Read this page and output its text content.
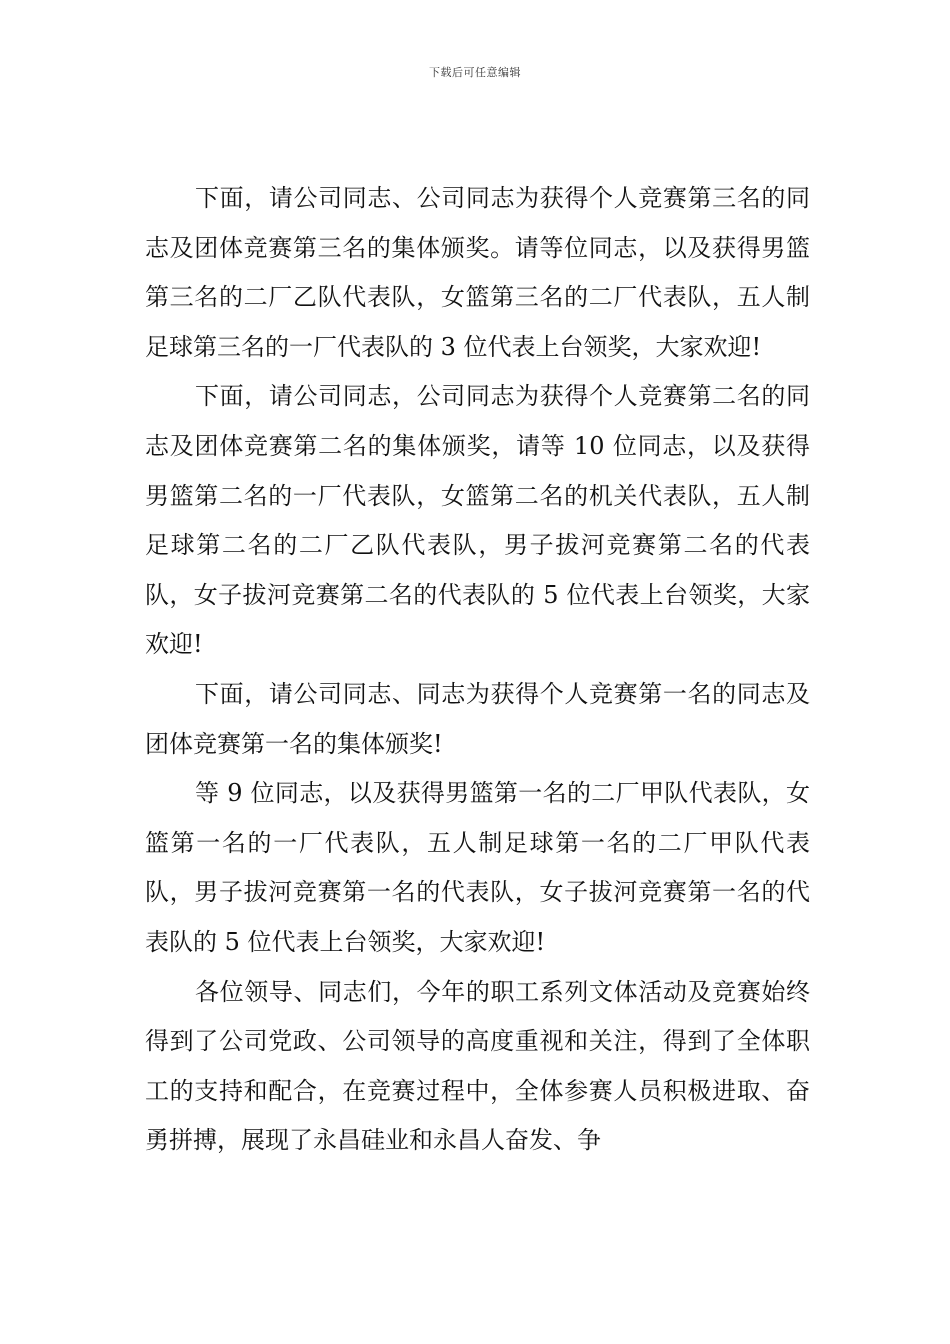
下载后可任意编辑

下面，请公司同志、公司同志为获得个人竞赛第三名的同志及团体竞赛第三名的集体颁奖。请等位同志，以及获得男篮第三名的二厂乙队代表队，女篮第三名的二厂代表队，五人制足球第三名的一厂代表队的 3 位代表上台领奖，大家欢迎!

下面，请公司同志，公司同志为获得个人竞赛第二名的同志及团体竞赛第二名的集体颁奖，请等 10 位同志，以及获得男篮第二名的一厂代表队，女篮第二名的机关代表队，五人制足球第二名的二厂乙队代表队，男子拔河竞赛第二名的代表队，女子拔河竞赛第二名的代表队的 5 位代表上台领奖，大家欢迎!

下面，请公司同志、同志为获得个人竞赛第一名的同志及团体竞赛第一名的集体颁奖!

等 9 位同志，以及获得男篮第一名的二厂甲队代表队，女篮第一名的一厂代表队，五人制足球第一名的二厂甲队代表队，男子拔河竞赛第一名的代表队，女子拔河竞赛第一名的代表队的 5 位代表上台领奖，大家欢迎!

各位领导、同志们，今年的职工系列文体活动及竞赛始终得到了公司党政、公司领导的高度重视和关注，得到了全体职工的支持和配合，在竞赛过程中，全体参赛人员积极进取、奋勇拼搏，展现了永昌硅业和永昌人奋发、争
